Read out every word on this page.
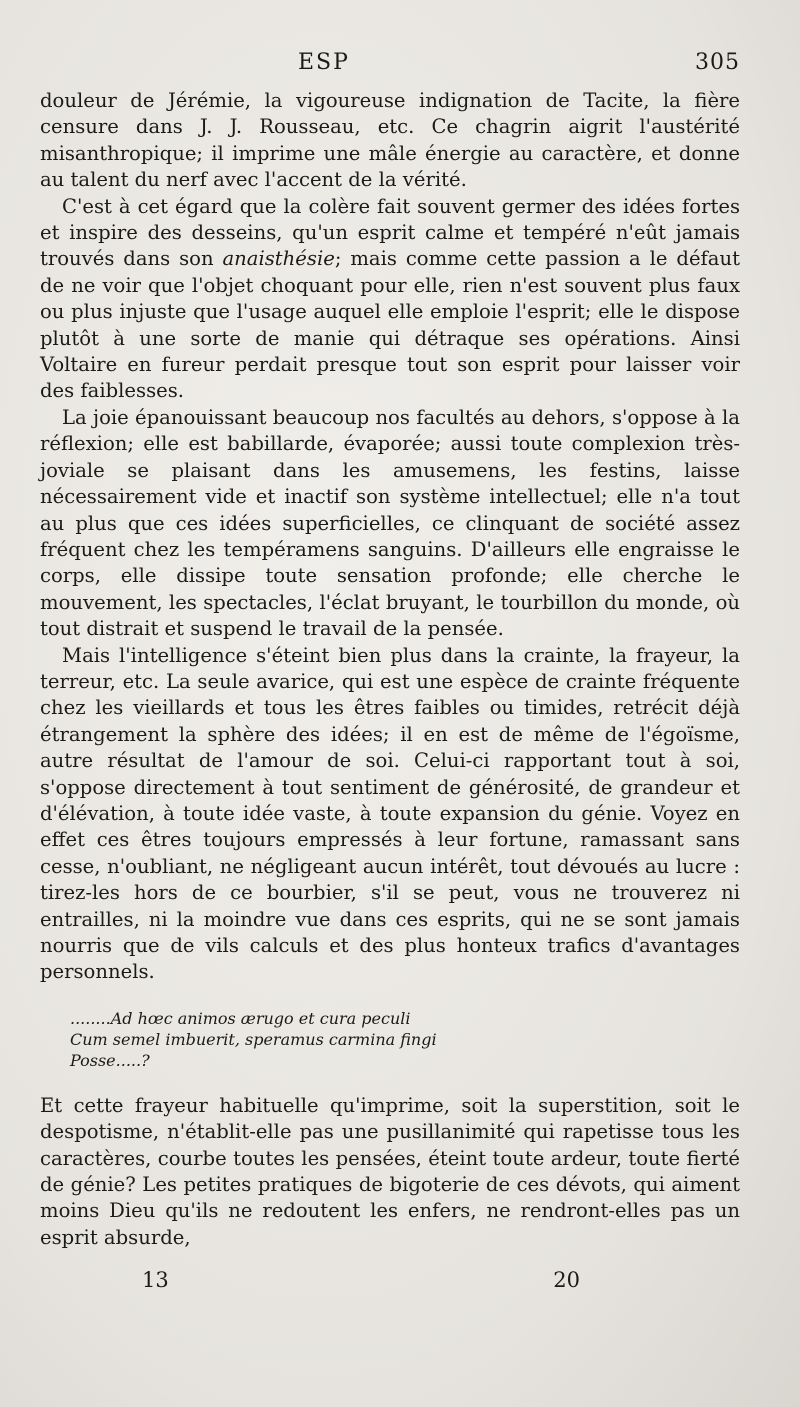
ESP	305

douleur de Jérémie, la vigoureuse indignation de Tacite, la fière censure dans J. J. Rousseau, etc. Ce chagrin aigrit l'austérité misanthropique; il imprime une mâle énergie au caractère, et donne au talent du nerf avec l'accent de la vérité.

C'est à cet égard que la colère fait souvent germer des idées fortes et inspire des desseins, qu'un esprit calme et tempéré n'eût jamais trouvés dans son anaisthésie; mais comme cette passion a le défaut de ne voir que l'objet choquant pour elle, rien n'est souvent plus faux ou plus injuste que l'usage auquel elle emploie l'esprit; elle le dispose plutôt à une sorte de manie qui détraque ses opérations. Ainsi Voltaire en fureur perdait presque tout son esprit pour laisser voir des faiblesses.

La joie épanouissant beaucoup nos facultés au dehors, s'oppose à la réflexion; elle est babillarde, évaporée; aussi toute complexion très-joviale se plaisant dans les amusemens, les festins, laisse nécessairement vide et inactif son système intellectuel; elle n'a tout au plus que ces idées superficielles, ce clinquant de société assez fréquent chez les tempéramens sanguins. D'ailleurs elle engraisse le corps, elle dissipe toute sensation profonde; elle cherche le mouvement, les spectacles, l'éclat bruyant, le tourbillon du monde, où tout distrait et suspend le travail de la pensée.

Mais l'intelligence s'éteint bien plus dans la crainte, la frayeur, la terreur, etc. La seule avarice, qui est une espèce de crainte fréquente chez les vieillards et tous les êtres faibles ou timides, retrécit déjà étrangement la sphère des idées; il en est de même de l'égoïsme, autre résultat de l'amour de soi. Celui-ci rapportant tout à soi, s'oppose directement à tout sentiment de générosité, de grandeur et d'élévation, à toute idée vaste, à toute expansion du génie. Voyez en effet ces êtres toujours empressés à leur fortune, ramassant sans cesse, n'oubliant, ne négligeant aucun intérêt, tout dévoués au lucre : tirez-les hors de ce bourbier, s'il se peut, vous ne trouverez ni entrailles, ni la moindre vue dans ces esprits, qui ne se sont jamais nourris que de vils calculs et des plus honteux trafics d'avantages personnels.

........Ad hœc animos ærugo et cura peculi
Cum semel imbuerit, speramus carmina fingi
Posse.....?

Et cette frayeur habituelle qu'imprime, soit la superstition, soit le despotisme, n'établit-elle pas une pusillanimité qui rapetisse tous les caractères, courbe toutes les pensées, éteint toute ardeur, toute fierté de génie? Les petites pratiques de bigoterie de ces dévots, qui aiment moins Dieu qu'ils ne redoutent les enfers, ne rendront-elles pas un esprit absurde,

13	20
